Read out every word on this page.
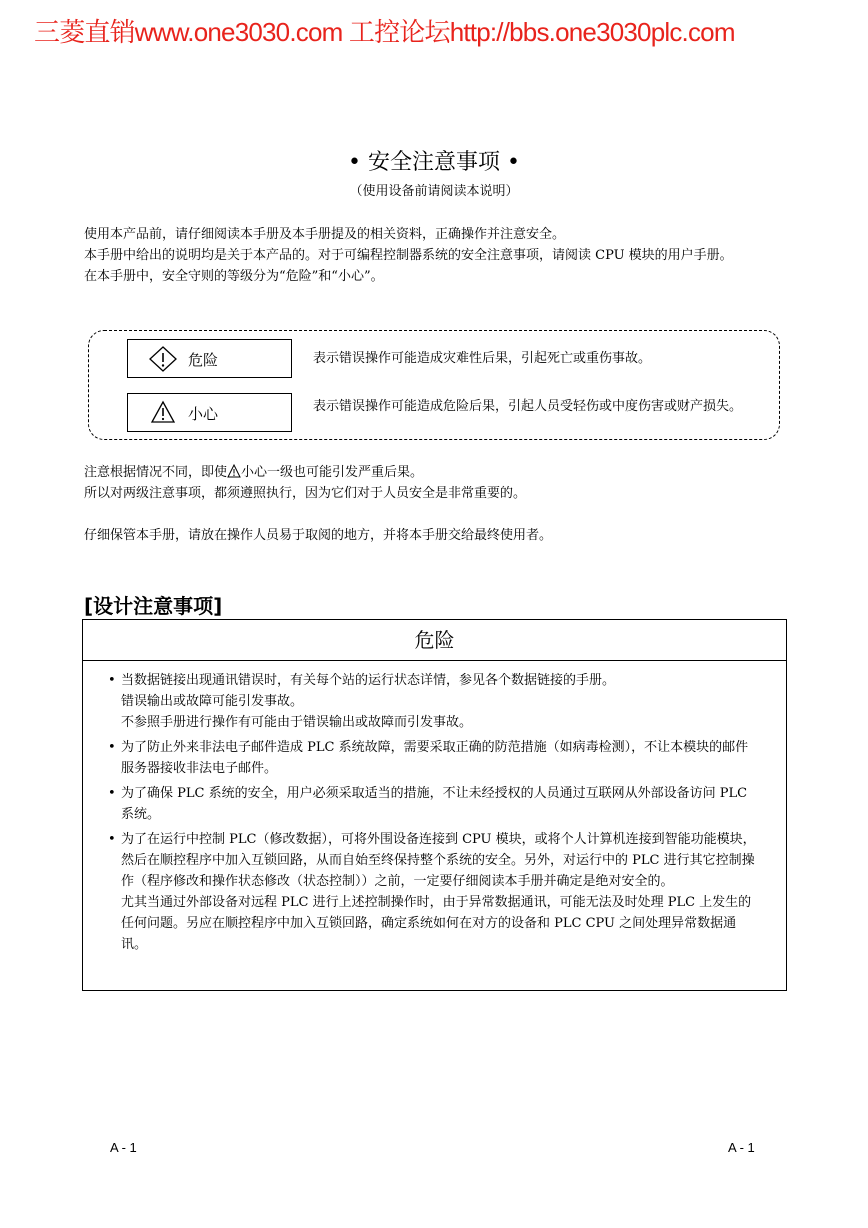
三菱直销www.one3030.com 工控论坛http://bbs.one3030plc.com
• 安全注意事项 •
（使用设备前请阅读本说明）

使用本产品前，请仔细阅读本手册及本手册提及的相关资料，正确操作并注意安全。

本手册中给出的说明均是关于本产品的。对于可编程控制器系统的安全注意事项，请阅读 CPU 模块的用户手册。

在本手册中，安全守则的等级分为“危险”和“小心”。

危险	表示错误操作可能造成灾难性后果，引起死亡或重伤事故。
小心	表示错误操作可能造成危险后果，引起人员受轻伤或中度伤害或财产损失。

注意根据情况不同，即使 小心一级也可能引发严重后果。

所以对两级注意事项，都须遵照执行，因为它们对于人员安全是非常重要的。

仔细保管本手册，请放在操作人员易于取阅的地方，并将本手册交给最终使用者。

[设计注意事项]
危险
• 当数据链接出现通讯错误时，有关每个站的运行状态详情，参见各个数据链接的手册。

错误输出或故障可能引发事故。

不参照手册进行操作有可能由于错误输出或故障而引发事故。

• 为了防止外来非法电子邮件造成 PLC 系统故障，需要采取正确的防范措施（如病毒检测），不让本模块的邮件服务器接收非法电子邮件。

• 为了确保 PLC 系统的安全，用户必须采取适当的措施，不让未经授权的人员通过互联网从外部设备访问 PLC 系统。

• 为了在运行中控制 PLC（修改数据），可将外围设备连接到 CPU 模块，或将个人计算机连接到智能功能模块，然后在顺控程序中加入互锁回路，从而自始至终保持整个系统的安全。另外，对运行中的 PLC 进行其它控制操作（程序修改和操作状态修改（状态控制））之前，一定要仔细阅读本手册并确定是绝对安全的。

尤其当通过外部设备对远程 PLC 进行上述控制操作时，由于异常数据通讯，可能无法及时处理 PLC 上发生的任何问题。另应在顺控程序中加入互锁回路，确定系统如何在对方的设备和 PLC CPU 之间处理异常数据通讯。

A - 1	A - 1
